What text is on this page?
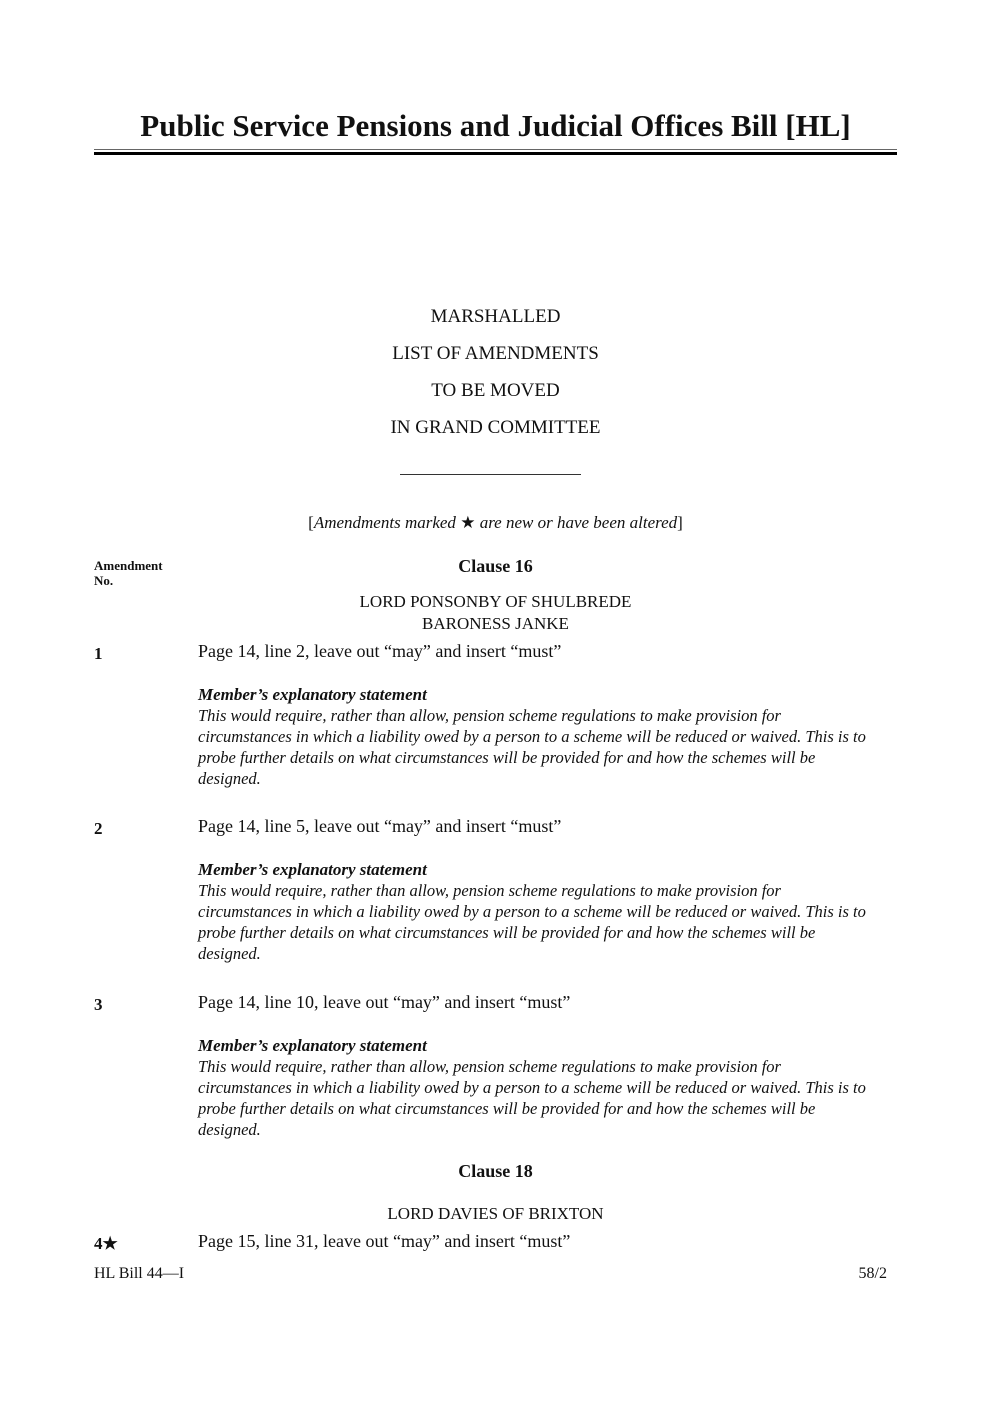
Public Service Pensions and Judicial Offices Bill [HL]
MARSHALLED
LIST OF AMENDMENTS
TO BE MOVED
IN GRAND COMMITTEE
[Amendments marked ★ are new or have been altered]
Amendment No.
Clause 16
LORD PONSONBY OF SHULBREDE
BARONESS JANKE
1	Page 14, line 2, leave out “may” and insert “must”
Member’s explanatory statement
This would require, rather than allow, pension scheme regulations to make provision for circumstances in which a liability owed by a person to a scheme will be reduced or waived. This is to probe further details on what circumstances will be provided for and how the schemes will be designed.
2	Page 14, line 5, leave out “may” and insert “must”
Member’s explanatory statement
This would require, rather than allow, pension scheme regulations to make provision for circumstances in which a liability owed by a person to a scheme will be reduced or waived. This is to probe further details on what circumstances will be provided for and how the schemes will be designed.
3	Page 14, line 10, leave out “may” and insert “must”
Member’s explanatory statement
This would require, rather than allow, pension scheme regulations to make provision for circumstances in which a liability owed by a person to a scheme will be reduced or waived. This is to probe further details on what circumstances will be provided for and how the schemes will be designed.
Clause 18
LORD DAVIES OF BRIXTON
4★	Page 15, line 31, leave out “may” and insert “must”
HL Bill 44—I	58/2
